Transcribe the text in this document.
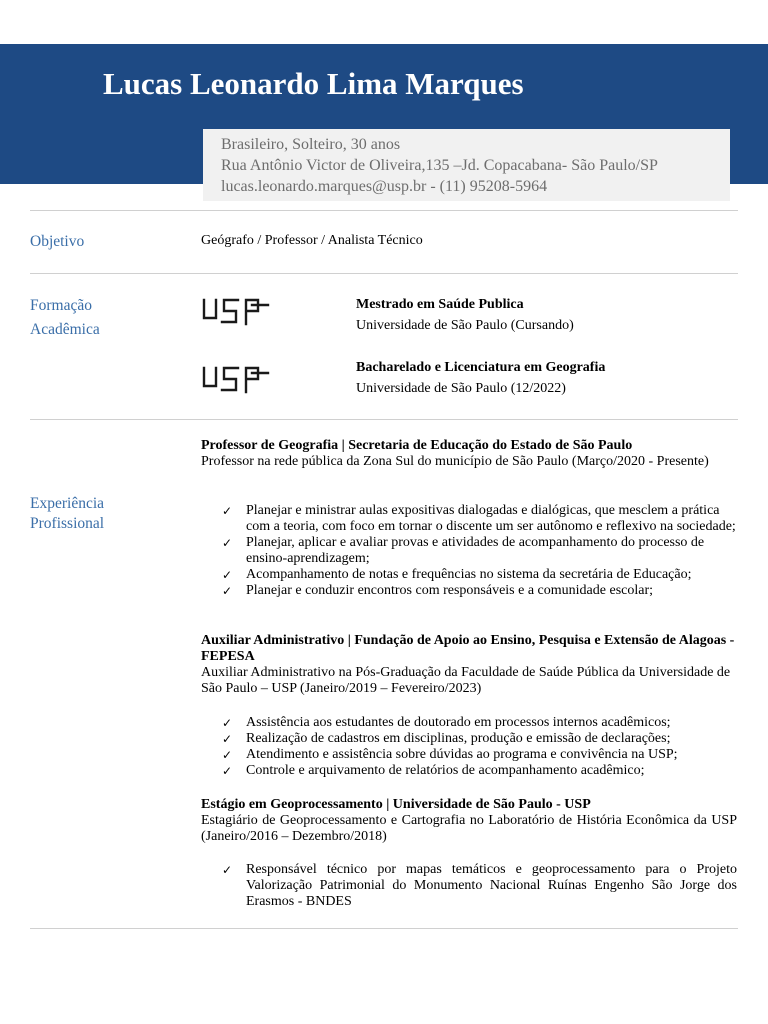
Lucas Leonardo Lima Marques
Brasileiro, Solteiro, 30 anos
Rua Antônio Victor de Oliveira,135 –Jd. Copacabana- São Paulo/SP
lucas.leonardo.marques@usp.br - (11) 95208-5964
Objetivo	Geógrafo / Professor / Analista Técnico
Formação
Acadêmica
Mestrado em Saúde Publica
Universidade de São Paulo (Cursando)
Bacharelado e Licenciatura em Geografia
Universidade de São Paulo (12/2022)
Experiência
Profissional
Professor de Geografia | Secretaria de Educação do Estado de São Paulo
Professor na rede pública da Zona Sul do município de São Paulo (Março/2020 - Presente)
✓ Planejar e ministrar aulas expositivas dialogadas e dialógicas, que mesclem a prática com a teoria, com foco em tornar o discente um ser autônomo e reflexivo na sociedade;
✓ Planejar, aplicar e avaliar provas e atividades de acompanhamento do processo de ensino-aprendizagem;
✓ Acompanhamento de notas e frequências no sistema da secretária de Educação;
✓ Planejar e conduzir encontros com responsáveis e a comunidade escolar;
Auxiliar Administrativo | Fundação de Apoio ao Ensino, Pesquisa e Extensão de Alagoas - FEPESA
Auxiliar Administrativo na Pós-Graduação da Faculdade de Saúde Pública da Universidade de São Paulo – USP (Janeiro/2019 – Fevereiro/2023)
✓ Assistência aos estudantes de doutorado em processos internos acadêmicos;
✓ Realização de cadastros em disciplinas, produção e emissão de declarações;
✓ Atendimento e assistência sobre dúvidas ao programa e convivência na USP;
✓ Controle e arquivamento de relatórios de acompanhamento acadêmico;
Estágio em Geoprocessamento | Universidade de São Paulo - USP
Estagiário de Geoprocessamento e Cartografia no Laboratório de História Econômica da USP (Janeiro/2016 – Dezembro/2018)
✓ Responsável técnico por mapas temáticos e geoprocessamento para o Projeto Valorização Patrimonial do Monumento Nacional Ruínas Engenho São Jorge dos Erasmos - BNDES
